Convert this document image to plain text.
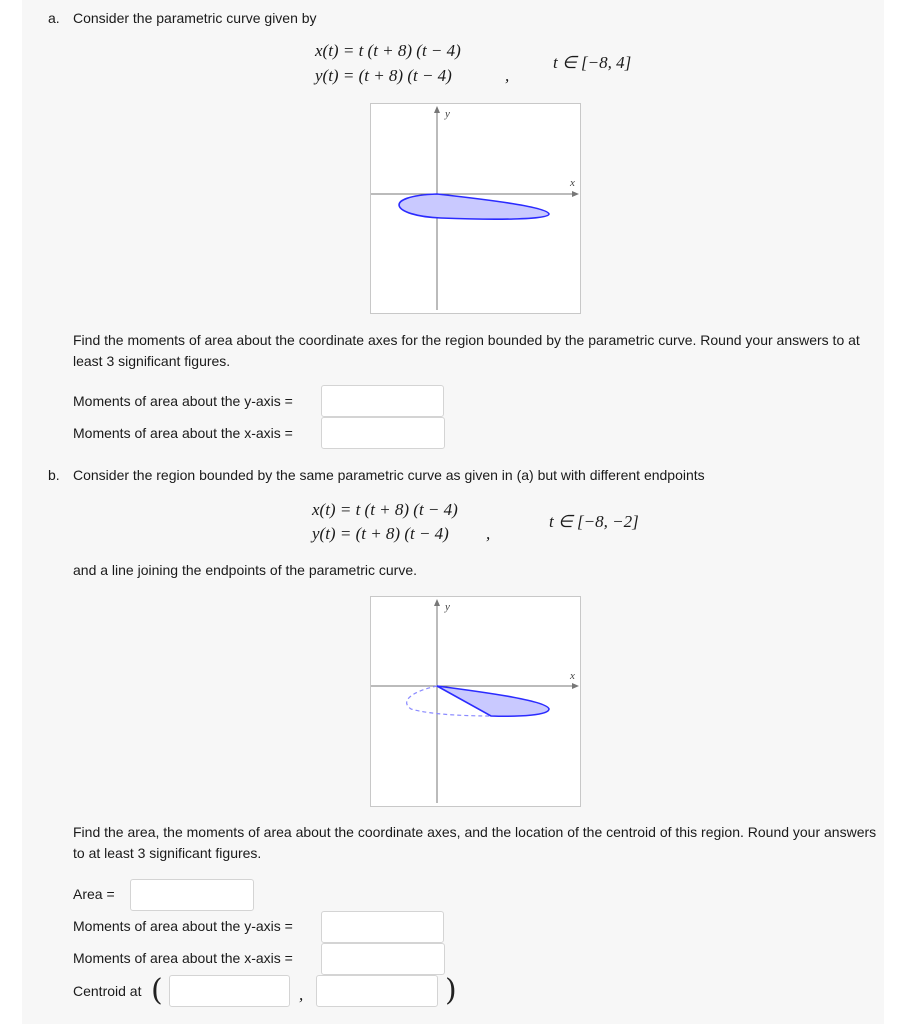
a. Consider the parametric curve given by
x(t) = t (t + 8) (t − 4)
y(t) = (t + 8) (t − 4)	,
t ∈ [−8, 4]
y
x
Find the moments of area about the coordinate axes for the region bounded by the parametric curve. Round your answers to at least 3 significant figures.
Moments of area about the y-axis =
Moments of area about the x-axis =
b. Consider the region bounded by the same parametric curve as given in (a) but with different endpoints
x(t) = t (t + 8) (t − 4)
y(t) = (t + 8) (t − 4) ,
t ∈ [−8, −2]
and a line joining the endpoints of the parametric curve.
y
x
Find the area, the moments of area about the coordinate axes, and the location of the centroid of this region. Round your answers to at least 3 significant figures.
Area =
Moments of area about the y-axis =
Moments of area about the x-axis =
Centroid at (	,	)
